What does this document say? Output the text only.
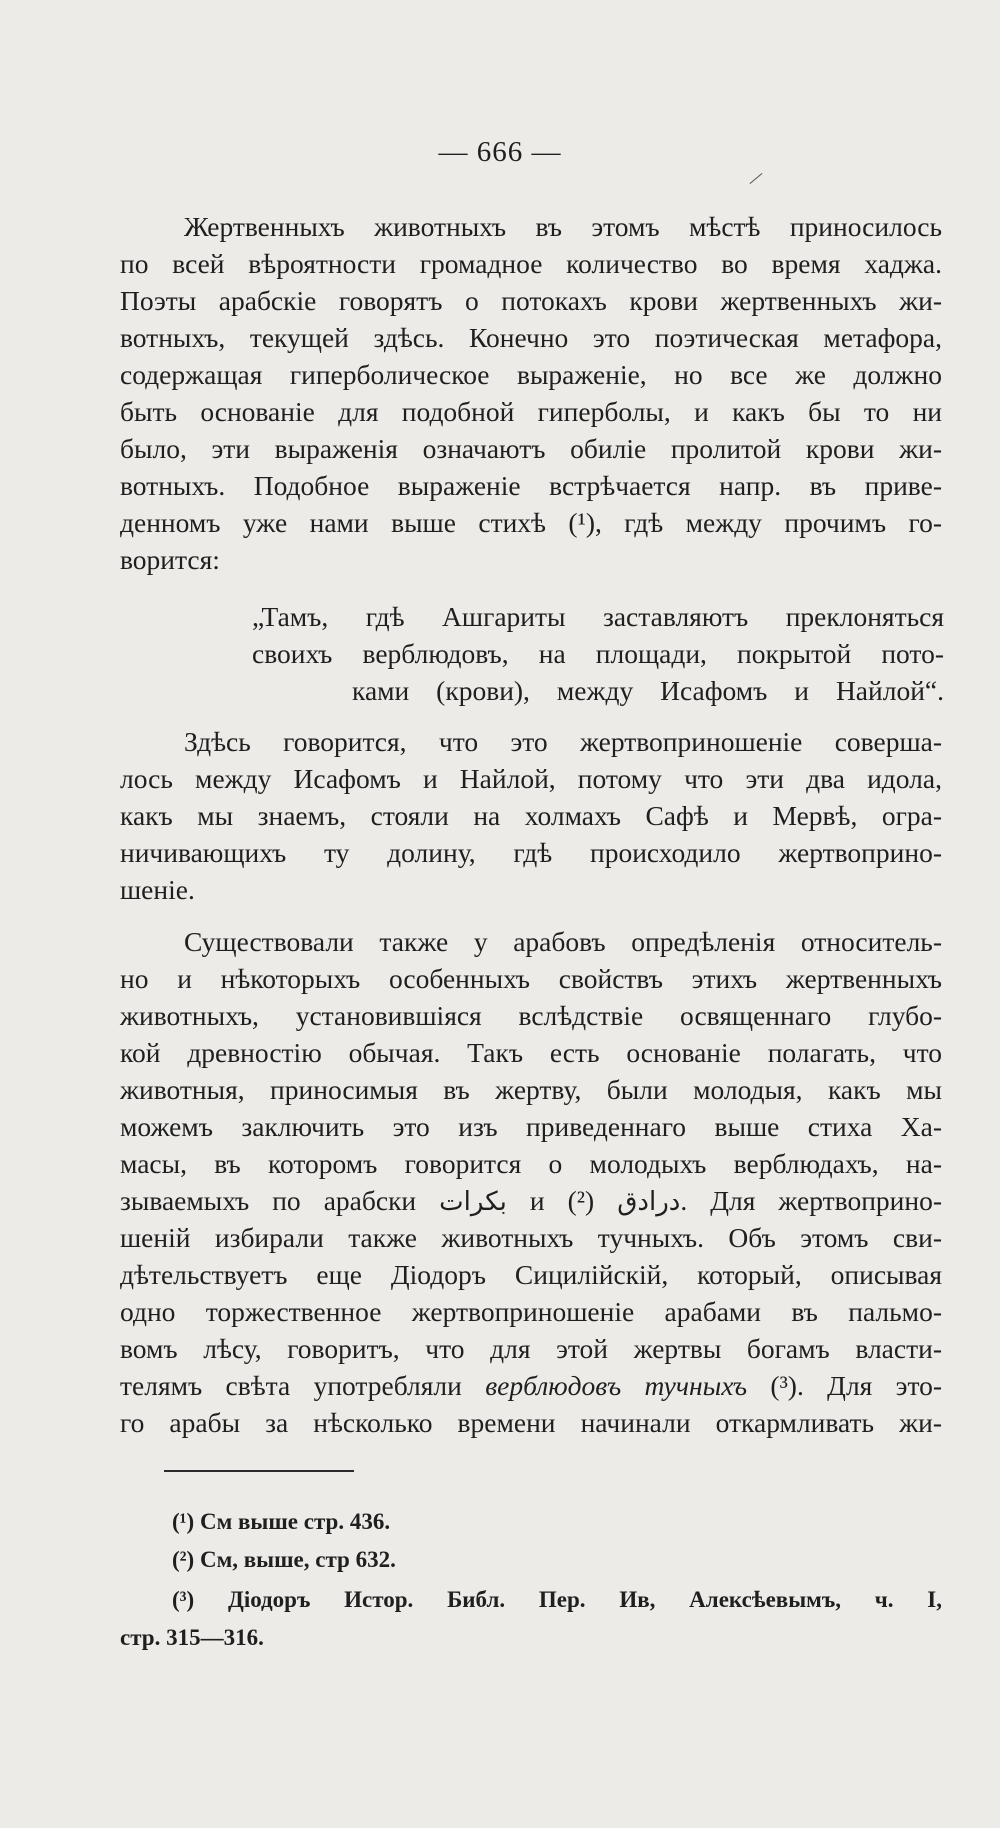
— 666 —
Жертвенныхъ животныхъ въ этомъ мѣстѣ приносилось
по всей вѣроятности громадное количество во время хаджа.
Поэты арабскіе говорятъ о потокахъ крови жертвенныхъ жи-
вотныхъ, текущей здѣсь. Конечно это поэтическая метафора,
содержащая гиперболическое выраженіе, но все же должно
быть основаніе для подобной гиперболы, и какъ бы то ни
было, эти выраженія означаютъ обиліе пролитой крови жи-
вотныхъ. Подобное выраженіе встрѣчается напр. въ приве-
денномъ уже нами выше стихѣ (¹), гдѣ между прочимъ го-
ворится:
„Тамъ, гдѣ Ашгариты заставляютъ преклоняться
своихъ верблюдовъ, на площади, покрытой пото-
ками (крови), между Исафомъ и Найлой“.
Здѣсь говорится, что это жертвоприношеніе соверша-
лось между Исафомъ и Найлой, потому что эти два идола,
какъ мы знаемъ, стояли на холмахъ Сафѣ и Мервѣ, огра-
ничивающихъ ту долину, гдѣ происходило жертвоприно-
шеніе.
Существовали также у арабовъ опредѣленія относитель-
но и нѣкоторыхъ особенныхъ свойствъ этихъ жертвенныхъ
животныхъ, установившіяся вслѣдствіе освященнаго глубо-
кой древностію обычая. Такъ есть основаніе полагать, что
животныя, приносимыя въ жертву, были молодыя, какъ мы
можемъ заключить это изъ приведеннаго выше стиха Ха-
масы, въ которомъ говорится о молодыхъ верблюдахъ, на-
зываемыхъ по арабски بكرات и	درادق (²). Для жертвоприно-
шеній избирали также животныхъ тучныхъ. Объ этомъ сви-
дѣтельствуетъ еще Діодоръ Сицилійскій, который, описывая
одно торжественное жертвоприношеніе арабами въ пальмо-
вомъ лѣсу, говоритъ, что для этой жертвы богамъ власти-
телямъ свѣта употребляли верблюдовъ тучныхъ (³). Для это-
го арабы за нѣсколько времени начинали откармливать жи-
(¹) См выше стр. 436.
(²) См, выше, стр 632.
(³) Діодоръ Истор. Библ. Пер. Ив, Алексѣевымъ, ч. I,
стр. 315—316.
